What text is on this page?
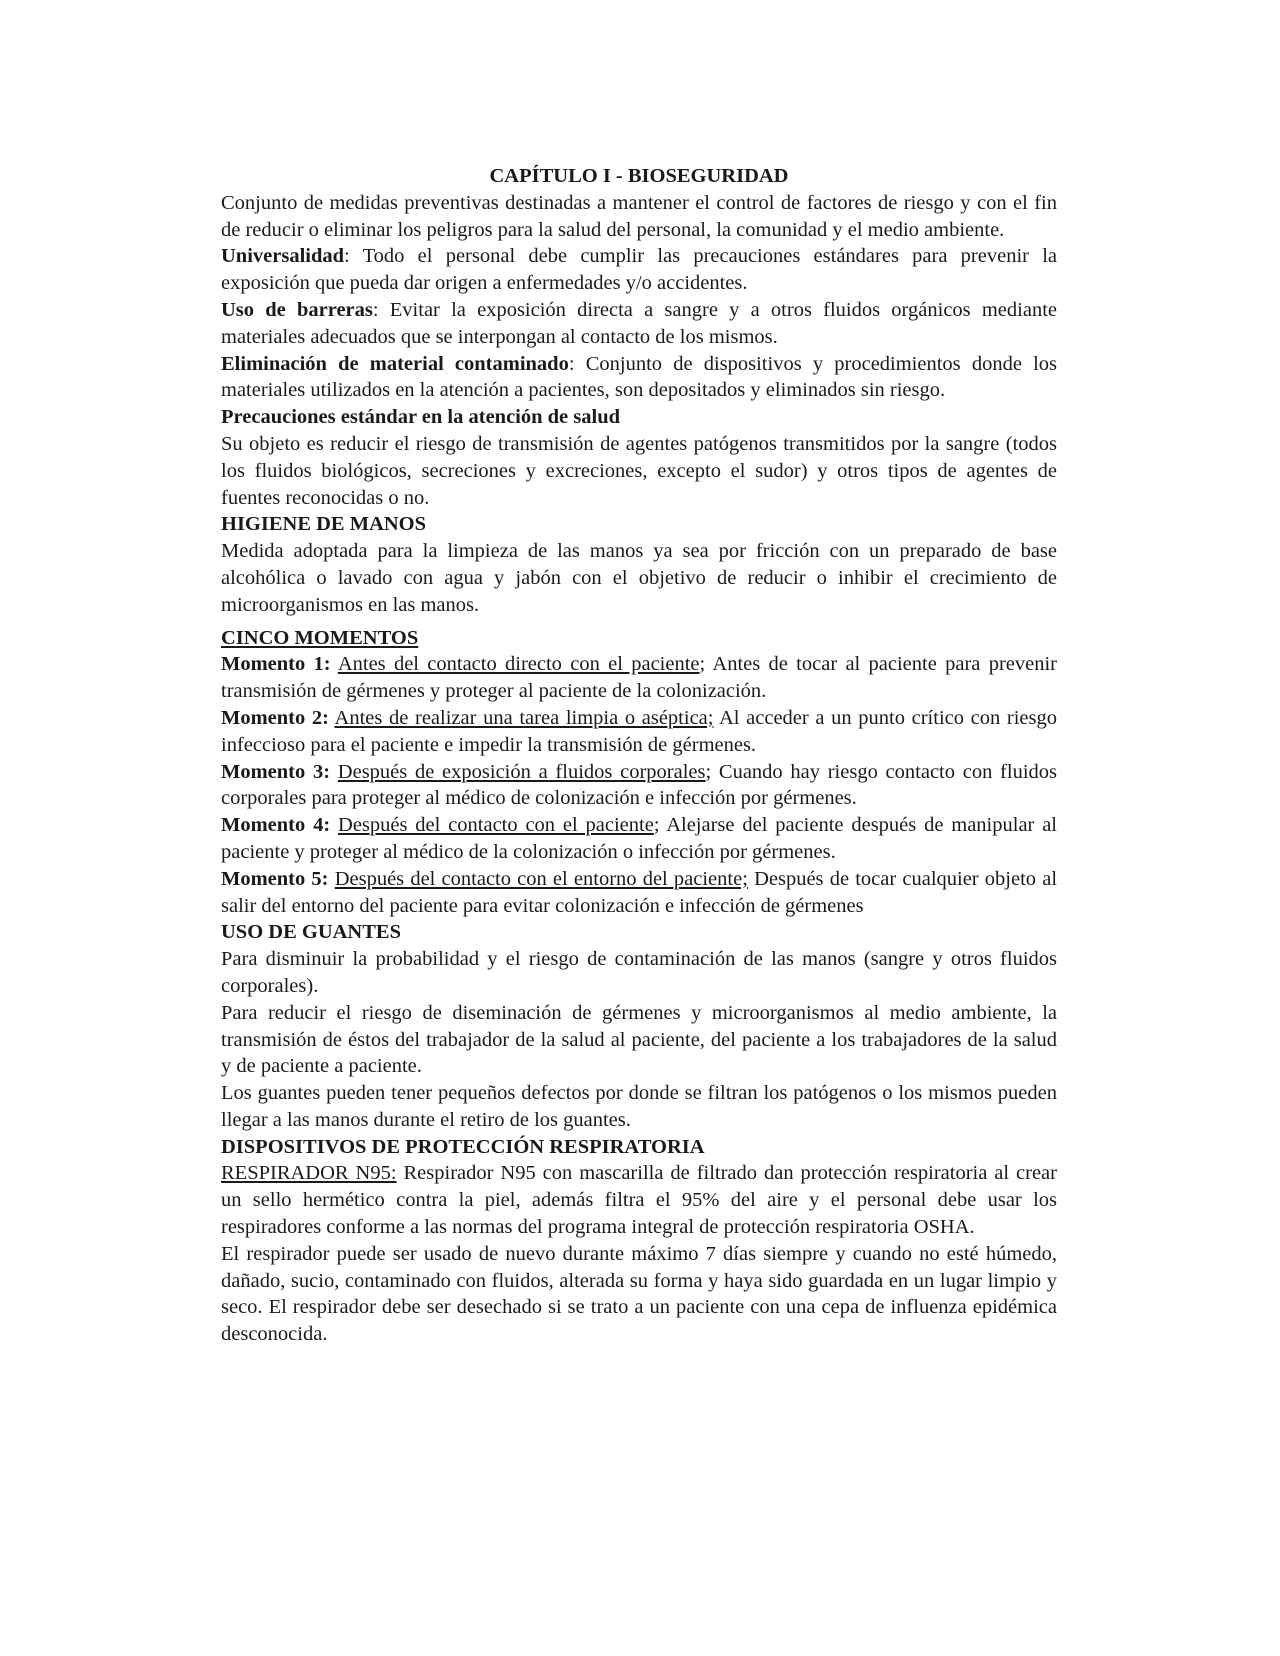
CAPÍTULO I - BIOSEGURIDAD

Conjunto de medidas preventivas destinadas a mantener el control de factores de riesgo y con el fin de reducir o eliminar los peligros para la salud del personal, la comunidad y el medio ambiente.

Universalidad: Todo el personal debe cumplir las precauciones estándares para prevenir la exposición que pueda dar origen a enfermedades y/o accidentes.

Uso de barreras: Evitar la exposición directa a sangre y a otros fluidos orgánicos mediante materiales adecuados que se interpongan al contacto de los mismos.

Eliminación de material contaminado: Conjunto de dispositivos y procedimientos donde los materiales utilizados en la atención a pacientes, son depositados y eliminados sin riesgo.

Precauciones estándar en la atención de salud

Su objeto es reducir el riesgo de transmisión de agentes patógenos transmitidos por la sangre (todos los fluidos biológicos, secreciones y excreciones, excepto el sudor) y otros tipos de agentes de fuentes reconocidas o no.

HIGIENE DE MANOS

Medida adoptada para la limpieza de las manos ya sea por fricción con un preparado de base alcohólica o lavado con agua y jabón con el objetivo de reducir o inhibir el crecimiento de microorganismos en las manos.

CINCO MOMENTOS

Momento 1: Antes del contacto directo con el paciente; Antes de tocar al paciente para prevenir transmisión de gérmenes y proteger al paciente de la colonización.

Momento 2: Antes de realizar una tarea limpia o aséptica; Al acceder a un punto crítico con riesgo infeccioso para el paciente e impedir la transmisión de gérmenes.

Momento 3: Después de exposición a fluidos corporales; Cuando hay riesgo contacto con fluidos corporales para proteger al médico de colonización e infección por gérmenes.

Momento 4: Después del contacto con el paciente; Alejarse del paciente después de manipular al paciente y proteger al médico de la colonización o infección por gérmenes.

Momento 5: Después del contacto con el entorno del paciente; Después de tocar cualquier objeto al salir del entorno del paciente para evitar colonización e infección de gérmenes

USO DE GUANTES

Para disminuir la probabilidad y el riesgo de contaminación de las manos (sangre y otros fluidos corporales).

Para reducir el riesgo de diseminación de gérmenes y microorganismos al medio ambiente, la transmisión de éstos del trabajador de la salud al paciente, del paciente a los trabajadores de la salud y de paciente a paciente.

Los guantes pueden tener pequeños defectos por donde se filtran los patógenos o los mismos pueden llegar a las manos durante el retiro de los guantes.

DISPOSITIVOS DE PROTECCIÓN RESPIRATORIA

RESPIRADOR N95: Respirador N95 con mascarilla de filtrado dan protección respiratoria al crear un sello hermético contra la piel, además filtra el 95% del aire y el personal debe usar los respiradores conforme a las normas del programa integral de protección respiratoria OSHA.

El respirador puede ser usado de nuevo durante máximo 7 días siempre y cuando no esté húmedo, dañado, sucio, contaminado con fluidos, alterada su forma y haya sido guardada en un lugar limpio y seco. El respirador debe ser desechado si se trato a un paciente con una cepa de influenza epidémica desconocida.
